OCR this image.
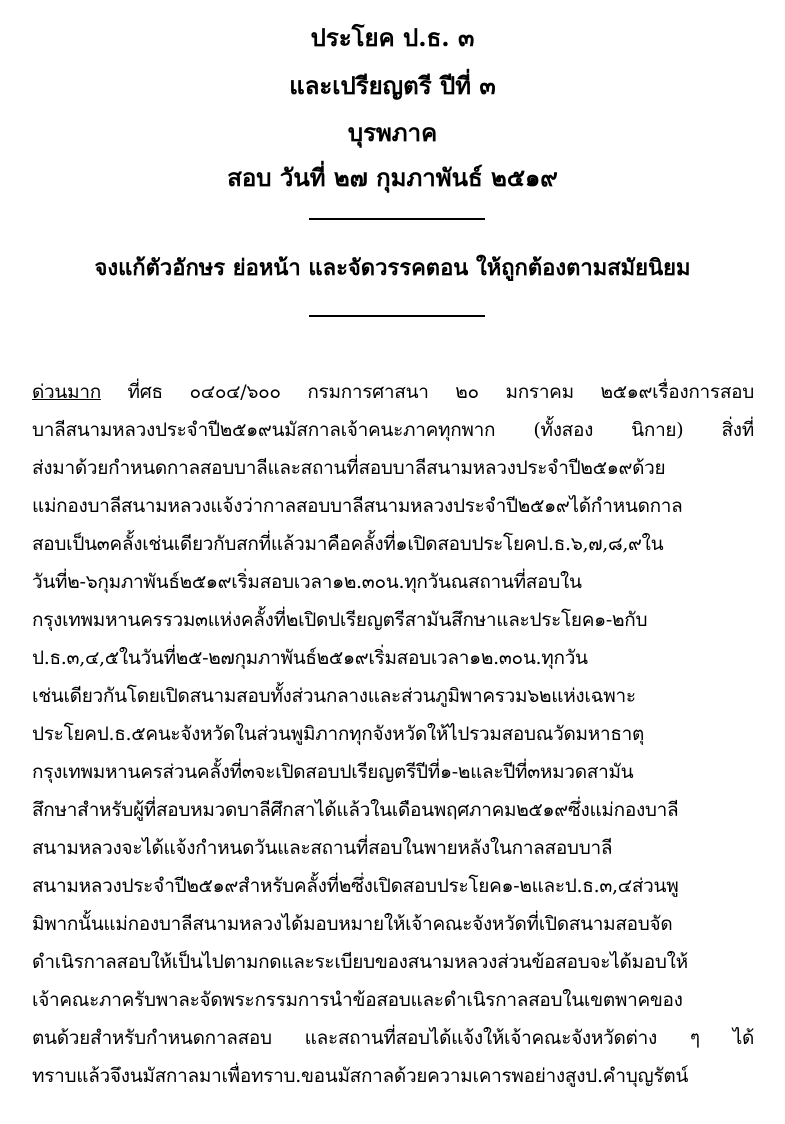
ประโยค ป.ธ. ๓
และเปรียญตรี ปีที่ ๓
บุรพภาค
สอบ วันที่ ๒๗ กุมภาพันธ์ ๒๕๑๙
จงแก้ตัวอักษร ย่อหน้า และจัดวรรคตอน ให้ถูกต้องตามสมัยนิยม
ด่วนมาก ที่ศธ ๐๔๐๔/๖๐๐ กรมการศาสนา ๒๐ มกราคม ๒๕๑๙เรื่องการสอบ
บาลีสนามหลวงประจำปี๒๕๑๙นมัสกาลเจ้าคนะภาคทุกพาก (ทั้งสอง นิกาย) สิ่งที่
ส่งมาด้วยกำหนดกาลสอบบาลีและสถานที่สอบบาลีสนามหลวงประจำปี๒๕๑๙ด้วย
แม่กองบาลีสนามหลวงแจ้งว่ากาลสอบบาลีสนามหลวงประจำปี๒๕๑๙ได้กำหนดกาล
สอบเป็น๓คลั้งเช่นเดียวกับสกที่แล้วมาคือคลั้งที่๑เปิดสอบประโยคป.ธ.๖,๗,๘,๙ใน
วันที่๒-๖กุมภาพันธ์๒๕๑๙เริ่มสอบเวลา๑๒.๓๐น.ทุกวันณสถานที่สอบใน
กรุงเทพมหานครรวม๓แห่งคลั้งที่๒เปิดปเรียญตรีสามันสึกษาและประโยค๑-๒กับ
ป.ธ.๓,๔,๕ในวันที่๒๕-๒๗กุมภาพันธ์๒๕๑๙เริ่มสอบเวลา๑๒.๓๐น.ทุกวัน
เช่นเดียวกันโดยเปิดสนามสอบทั้งส่วนกลางและส่วนภูมิพาครวม๖๒แห่งเฉพาะ
ประโยคป.ธ.๕คนะจังหวัดในส่วนพูมิภากทุกจังหวัดให้ไปรวมสอบณวัดมหาธาตุ
กรุงเทพมหานครส่วนคลั้งที่๓จะเปิดสอบปเรียญตรีปีที่๑-๒และปีที่๓หมวดสามัน
สึกษาสำหรับผู้ที่สอบหมวดบาลีศึกสาได้แล้วในเดือนพฤศภาคม๒๕๑๙ซึ่งแม่กองบาลี
สนามหลวงจะได้แจ้งกำหนดวันและสถานที่สอบในพายหลังในกาลสอบบาลี
สนามหลวงประจำปี๒๕๑๙สำหรับคลั้งที่๒ซึ่งเปิดสอบประโยค๑-๒และป.ธ.๓,๔ส่วนพู
มิพากนั้นแม่กองบาลีสนามหลวงได้มอบหมายให้เจ้าคณะจังหวัดที่เปิดสนามสอบจัด
ดำเนิรกาลสอบให้เป็นไปตามกดและระเบียบของสนามหลวงส่วนข้อสอบจะได้มอบให้
เจ้าคณะภาครับพาละจัดพระกรรมการนำข้อสอบและดำเนิรกาลสอบในเขตพาคของ
ตนด้วยสำหรับกำหนดกาลสอบ และสถานที่สอบได้แจ้งให้เจ้าคณะจังหวัดต่าง ๆ ได้
ทราบแล้วจึงนมัสกาลมาเพื่อทราบ.ขอนมัสกาลด้วยความเคารพอย่างสูงป.คำบุญรัตน์
